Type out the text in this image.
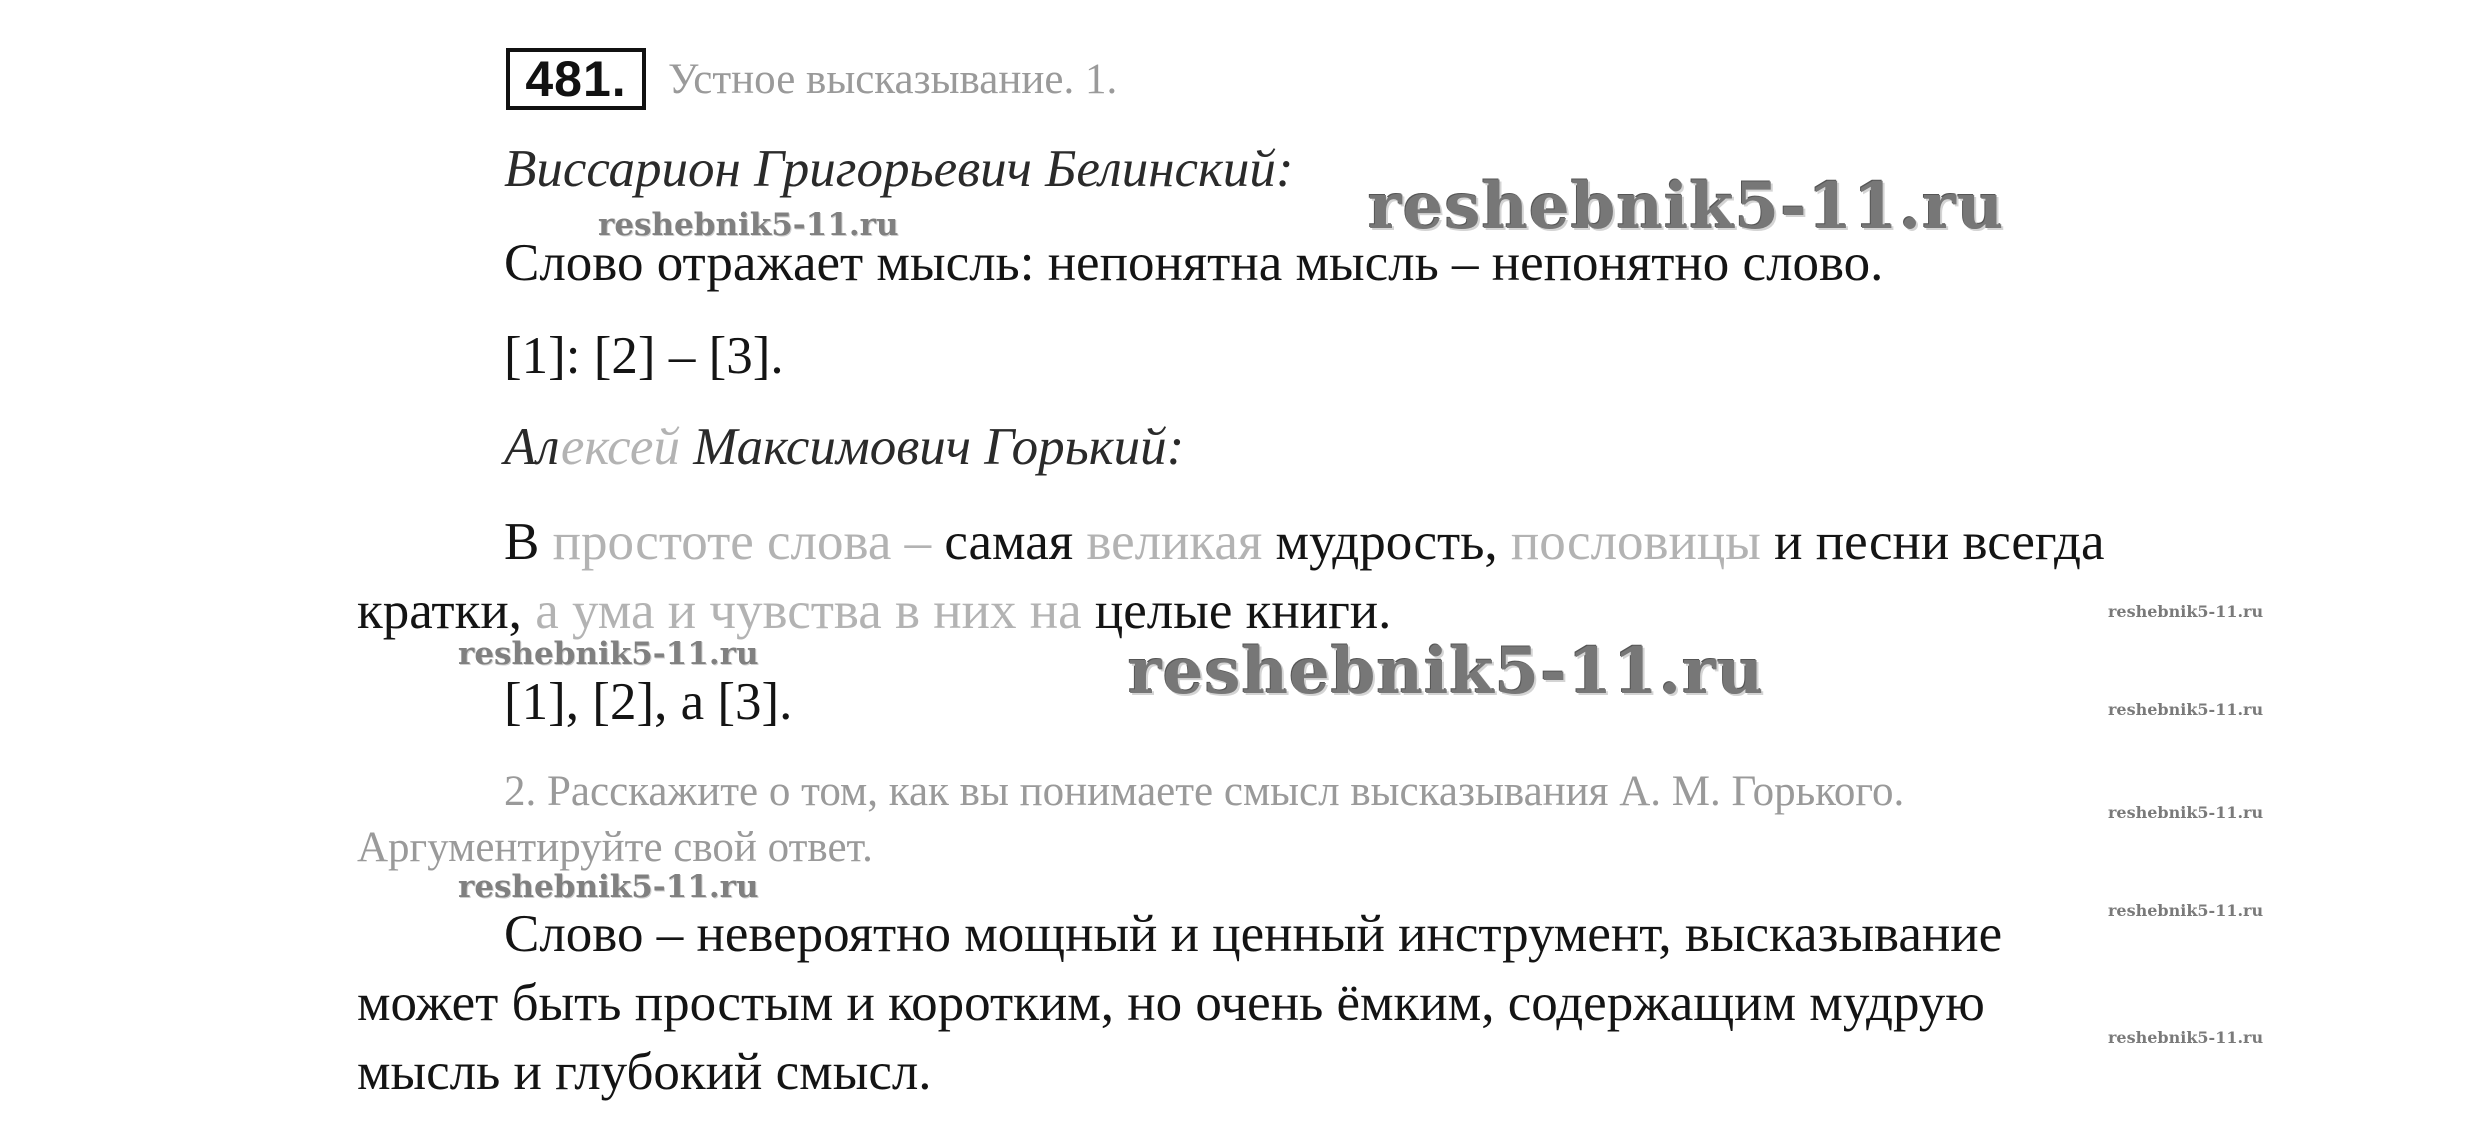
481. Устное высказывание. 1.
Виссарион Григорьевич Белинский:
Слово отражает мысль: непонятна мысль – непонятно слово.
[1]: [2] – [3].
Алексей Максимович Горький:
В простоте слова – самая великая мудрость, пословицы и песни всегда
кратки, а ума и чувства в них на целые книги.
[1], [2], а [3].
2. Расскажите о том, как вы понимаете смысл высказывания А. М. Горького.
Аргументируйте свой ответ.
Слово – невероятно мощный и ценный инструмент, высказывание
может быть простым и коротким, но очень ёмким, содержащим мудрую
мысль и глубокий смысл.
reshebnik5-11.ru
reshebnik5-11.ru
reshebnik5-11.ru
reshebnik5-11.ru
reshebnik5-11.ru
reshebnik5-11.ru
reshebnik5-11.ru
reshebnik5-11.ru
reshebnik5-11.ru
reshebnik5-11.ru
